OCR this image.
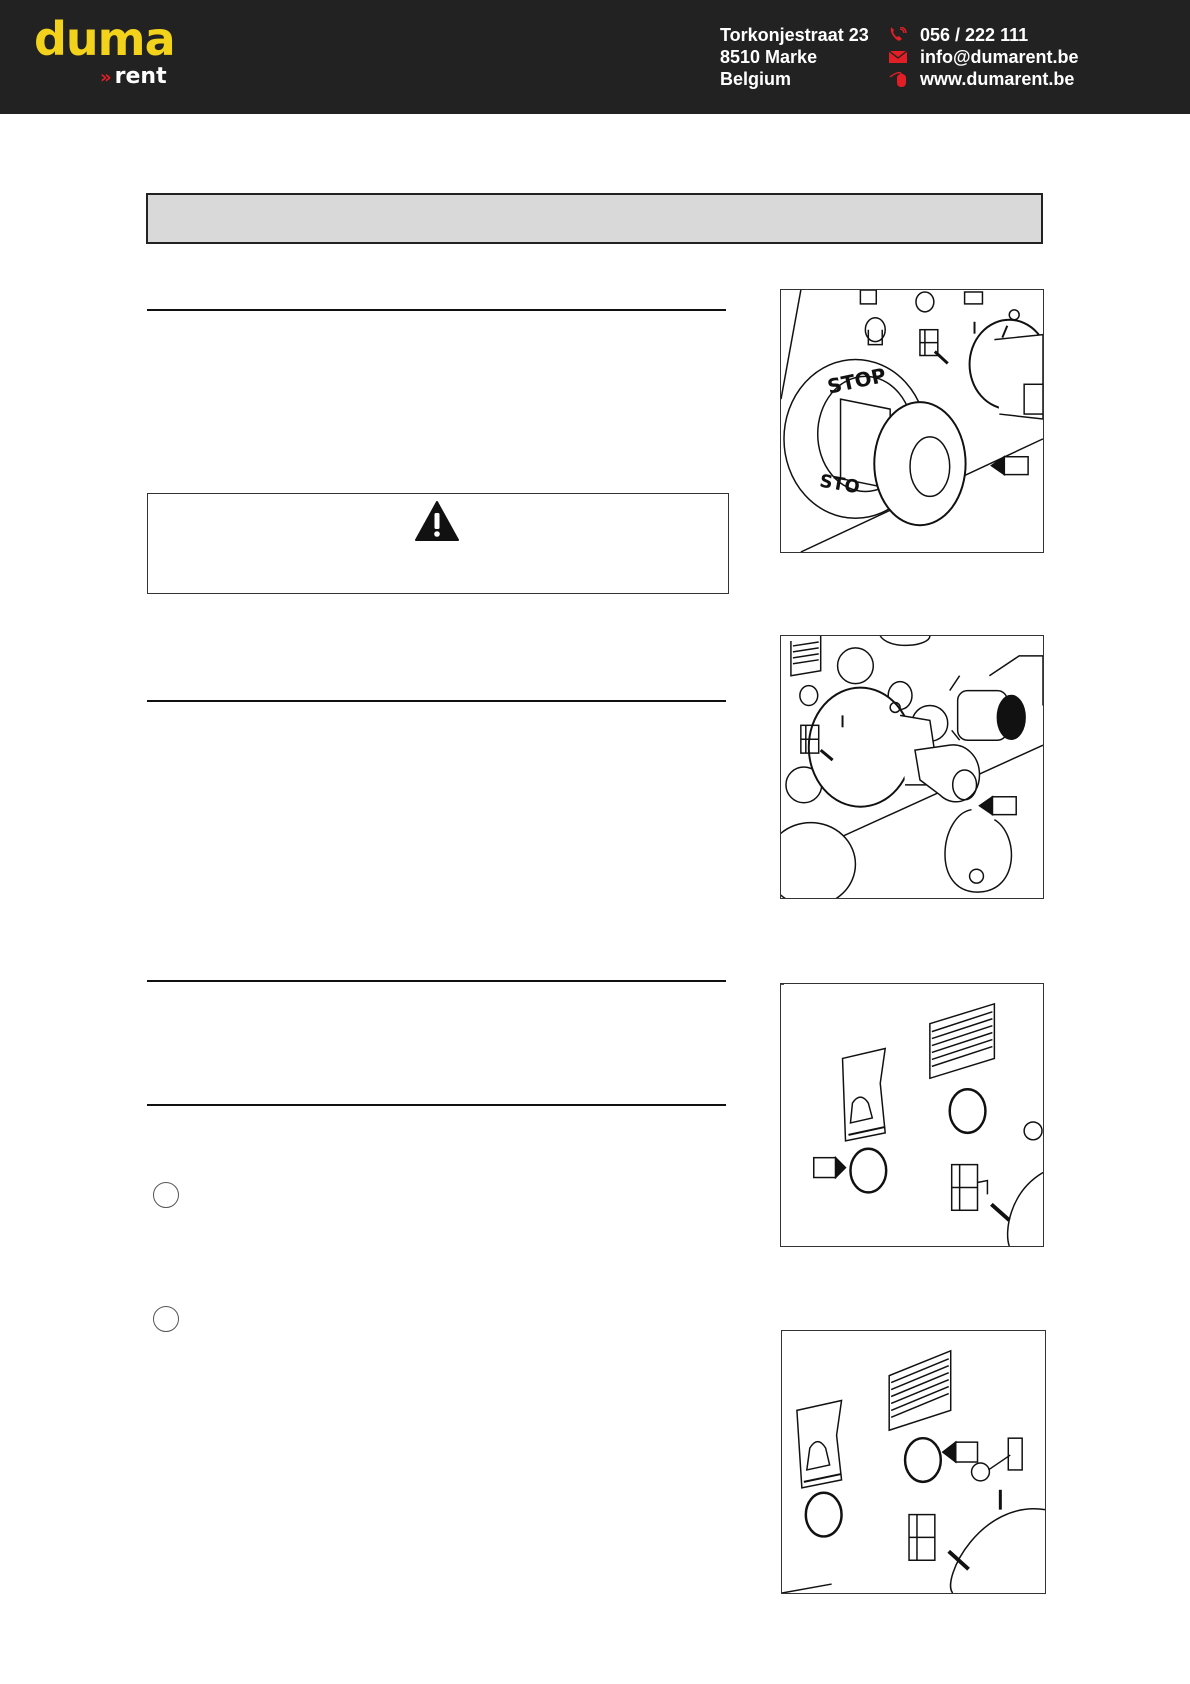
duma
» rent
Torkonjestraat 23
8510 Marke
Belgium
056 / 222 111
info@dumarent.be
www.dumarent.be
STOP
STO
